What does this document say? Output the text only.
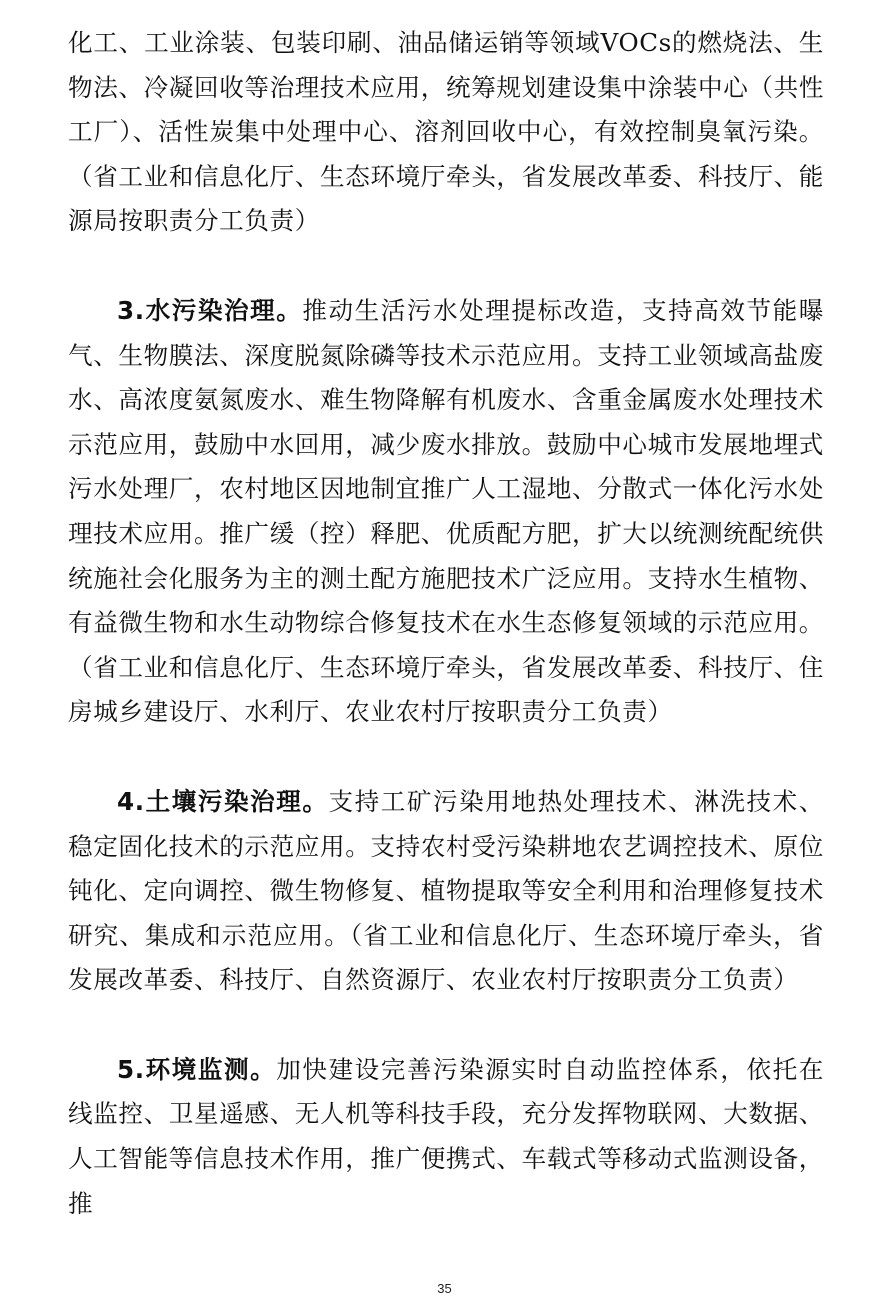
化工、工业涂装、包装印刷、油品储运销等领域VOCs的燃烧法、生物法、冷凝回收等治理技术应用，统筹规划建设集中涂装中心（共性工厂）、活性炭集中处理中心、溶剂回收中心，有效控制臭氧污染。（省工业和信息化厅、生态环境厅牵头，省发展改革委、科技厅、能源局按职责分工负责）

3.水污染治理。推动生活污水处理提标改造，支持高效节能曝气、生物膜法、深度脱氮除磷等技术示范应用。支持工业领域高盐废水、高浓度氨氮废水、难生物降解有机废水、含重金属废水处理技术示范应用，鼓励中水回用，减少废水排放。鼓励中心城市发展地埋式污水处理厂，农村地区因地制宜推广人工湿地、分散式一体化污水处理技术应用。推广缓（控）释肥、优质配方肥，扩大以统测统配统供统施社会化服务为主的测土配方施肥技术广泛应用。支持水生植物、有益微生物和水生动物综合修复技术在水生态修复领域的示范应用。（省工业和信息化厅、生态环境厅牵头，省发展改革委、科技厅、住房城乡建设厅、水利厅、农业农村厅按职责分工负责）

4.土壤污染治理。支持工矿污染用地热处理技术、淋洗技术、稳定固化技术的示范应用。支持农村受污染耕地农艺调控技术、原位钝化、定向调控、微生物修复、植物提取等安全利用和治理修复技术研究、集成和示范应用。（省工业和信息化厅、生态环境厅牵头，省发展改革委、科技厅、自然资源厅、农业农村厅按职责分工负责）

5.环境监测。加快建设完善污染源实时自动监控体系，依托在线监控、卫星遥感、无人机等科技手段，充分发挥物联网、大数据、人工智能等信息技术作用，推广便携式、车载式等移动式监测设备，推

35
